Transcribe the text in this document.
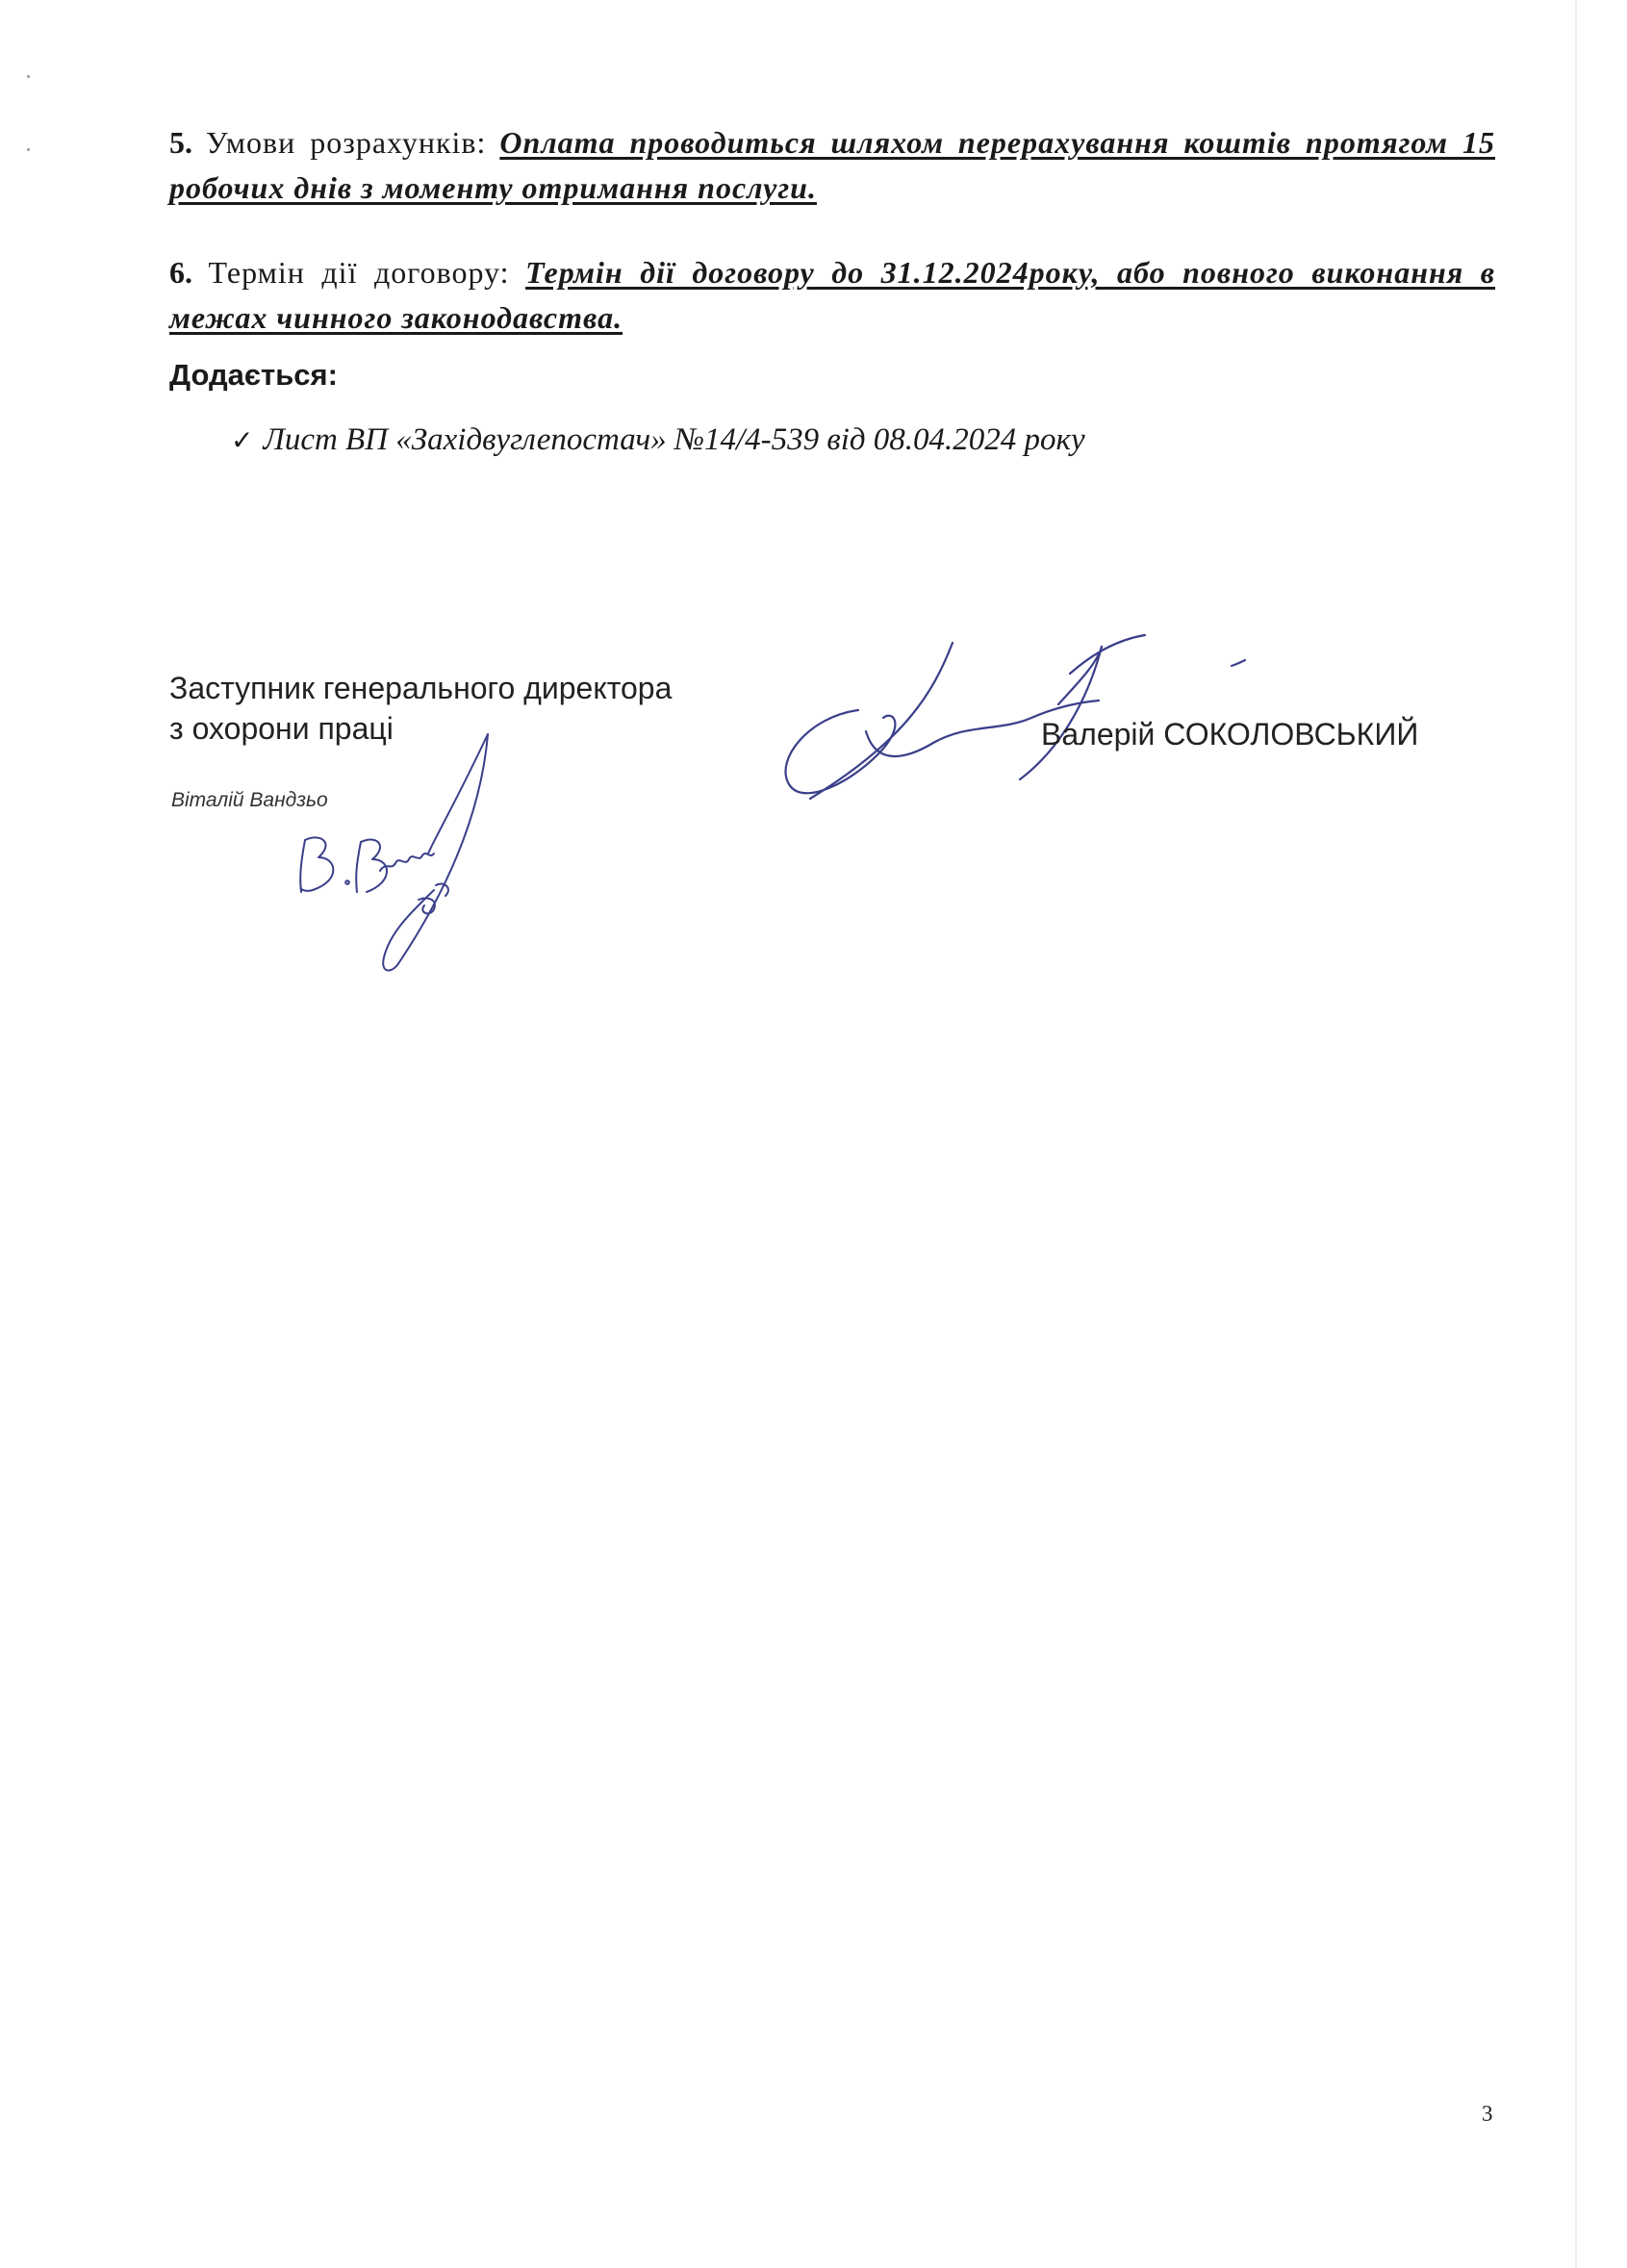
5. Умови розрахунків: Оплата проводиться шляхом перерахування коштів протягом 15 робочих днів з моменту отримання послуги.

6. Термін дії договору: Термін дії договору до 31.12.2024року, або повного виконання в межах чинного законодавства.

Додається:
✓ Лист ВП «Західвуглепостач» №14/4-539 від 08.04.2024 року
Заступник генерального директора
з охорони праці	Валерій СОКОЛОВСЬКИЙ
Віталій Вандзьо
3
